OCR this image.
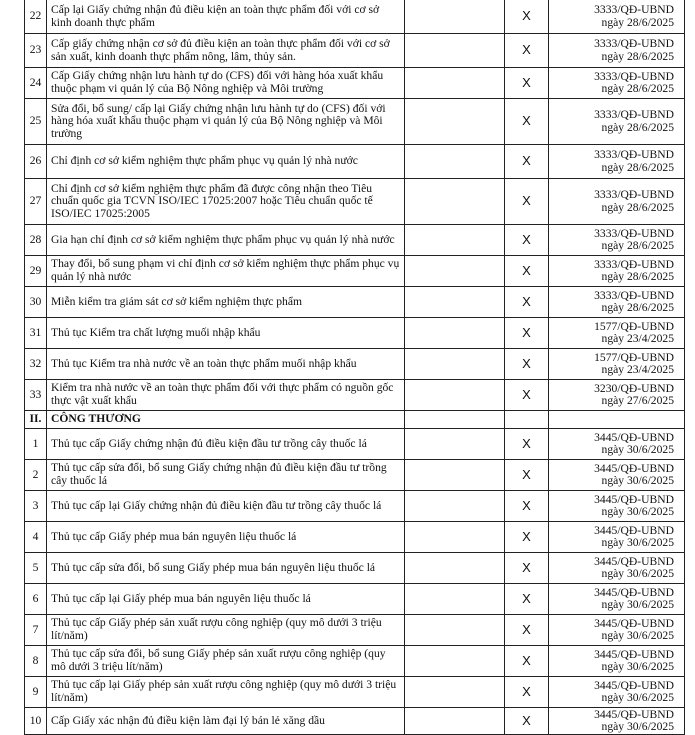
22	Cấp lại Giấy chứng nhận đủ điều kiện an toàn thực phẩm đối với cơ sở kinh doanh thực phẩm		X	3333/QĐ-UBND
ngày 28/6/2025

23	Cấp giấy chứng nhận cơ sở đủ điều kiện an toàn thực phẩm đối với cơ sở sản xuất, kinh doanh thực phẩm nông, lâm, thủy sản.		X	3333/QĐ-UBND
ngày 28/6/2025

24	Cấp Giấy chứng nhận lưu hành tự do (CFS) đối với hàng hóa xuất khẩu thuộc phạm vi quản lý của Bộ Nông nghiệp và Môi trường		X	3333/QĐ-UBND
ngày 28/6/2025

25	Sửa đổi, bổ sung/ cấp lại Giấy chứng nhận lưu hành tự do (CFS) đối với hàng hóa xuất khẩu thuộc phạm vi quản lý của Bộ Nông nghiệp và Môi trường		X	3333/QĐ-UBND
ngày 28/6/2025

26	Chỉ định cơ sở kiểm nghiệm thực phẩm phục vụ quản lý nhà nước		X	3333/QĐ-UBND
ngày 28/6/2025

27	Chỉ định cơ sở kiểm nghiệm thực phẩm đã được công nhận theo Tiêu chuẩn quốc gia TCVN ISO/IEC 17025:2007 hoặc Tiêu chuẩn quốc tế ISO/IEC 17025:2005		X	3333/QĐ-UBND
ngày 28/6/2025

28	Gia hạn chỉ định cơ sở kiểm nghiệm thực phẩm phục vụ quản lý nhà nước		X	3333/QĐ-UBND
ngày 28/6/2025

29	Thay đổi, bổ sung phạm vi chỉ định cơ sở kiểm nghiệm thực phẩm phục vụ quản lý nhà nước		X	3333/QĐ-UBND
ngày 28/6/2025

30	Miễn kiểm tra giám sát cơ sở kiểm nghiệm thực phẩm		X	3333/QĐ-UBND
ngày 28/6/2025

31	Thủ tục Kiểm tra chất lượng muối nhập khẩu		X	1577/QĐ-UBND
ngày 23/4/2025

32	Thủ tục Kiểm tra nhà nước về an toàn thực phẩm muối nhập khẩu		X	1577/QĐ-UBND
ngày 23/4/2025

33	Kiểm tra nhà nước về an toàn thực phẩm đối với thực phẩm có nguồn gốc thực vật xuất khẩu		X	3230/QĐ-UBND
ngày 27/6/2025

II.	CÔNG THƯƠNG			
1	Thủ tục cấp Giấy chứng nhận đủ điều kiện đầu tư trồng cây thuốc lá		X	3445/QĐ-UBND
ngày 30/6/2025

2	Thủ tục cấp sửa đổi, bổ sung Giấy chứng nhận đủ điều kiện đầu tư trồng cây thuốc lá		X	3445/QĐ-UBND
ngày 30/6/2025

3	Thủ tục cấp lại Giấy chứng nhận đủ điều kiện đầu tư trồng cây thuốc lá		X	3445/QĐ-UBND
ngày 30/6/2025

4	Thủ tục cấp Giấy phép mua bán nguyên liệu thuốc lá		X	3445/QĐ-UBND
ngày 30/6/2025

5	Thủ tục cấp sửa đổi, bổ sung Giấy phép mua bán nguyên liệu thuốc lá		X	3445/QĐ-UBND
ngày 30/6/2025

6	Thủ tục cấp lại Giấy phép mua bán nguyên liệu thuốc lá		X	3445/QĐ-UBND
ngày 30/6/2025

7	Thủ tục cấp Giấy phép sản xuất rượu công nghiệp (quy mô dưới 3 triệu lít/năm)		X	3445/QĐ-UBND
ngày 30/6/2025

8	Thủ tục cấp sửa đổi, bổ sung Giấy phép sản xuất rượu công nghiệp (quy mô dưới 3 triệu lít/năm)		X	3445/QĐ-UBND
ngày 30/6/2025

9	Thủ tục cấp lại Giấy phép sản xuất rượu công nghiệp (quy mô dưới 3 triệu lít/năm)		X	3445/QĐ-UBND
ngày 30/6/2025

10	Cấp Giấy xác nhận đủ điều kiện làm đại lý bán lẻ xăng dầu		X	3445/QĐ-UBND
ngày 30/6/2025
